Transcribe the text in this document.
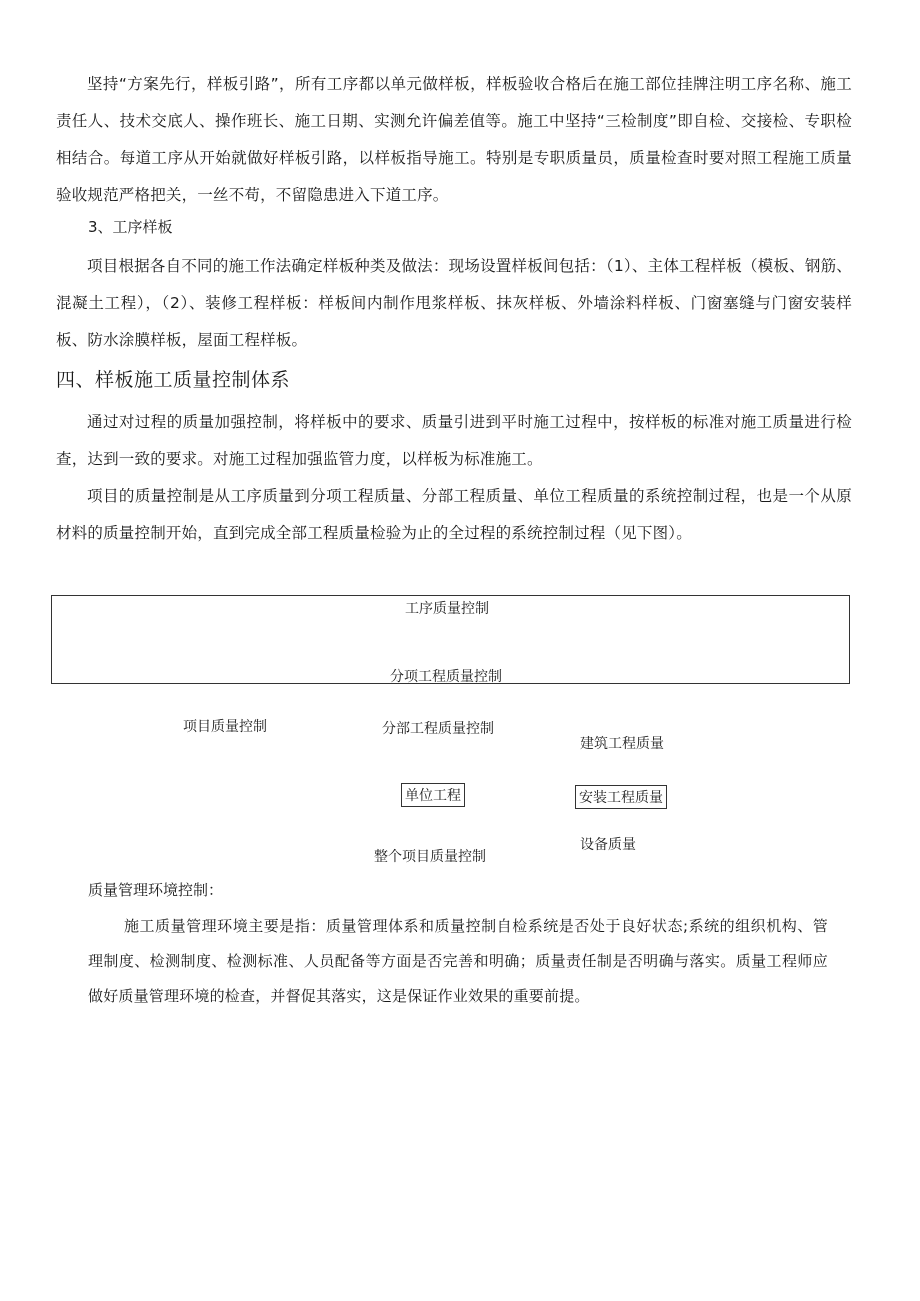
坚持“方案先行，样板引路”，所有工序都以单元做样板，样板验收合格后在施工部位挂牌注明工序名称、施工责任人、技术交底人、操作班长、施工日期、实测允许偏差值等。施工中坚持“三检制度”即自检、交接检、专职检相结合。每道工序从开始就做好样板引路，以样板指导施工。特别是专职质量员，质量检查时要对照工程施工质量验收规范严格把关，一丝不苟，不留隐患进入下道工序。

3、工序样板

项目根据各自不同的施工作法确定样板种类及做法：现场设置样板间包括：（1）、主体工程样板（模板、钢筋、混凝土工程），（2）、装修工程样板：样板间内制作甩浆样板、抹灰样板、外墙涂料样板、门窗塞缝与门窗安装样板、防水涂膜样板，屋面工程样板。

四、样板施工质量控制体系

通过对过程的质量加强控制，将样板中的要求、质量引进到平时施工过程中，按样板的标准对施工质量进行检查，达到一致的要求。对施工过程加强监管力度，以样板为标准施工。

项目的质量控制是从工序质量到分项工程质量、分部工程质量、单位工程质量的系统控制过程，也是一个从原材料的质量控制开始，直到完成全部工程质量检验为止的全过程的系统控制过程（见下图）。

工序质量控制
分项工程质量控制
项目质量控制	分部工程质量控制
建筑工程质量
单位工程	安装工程质量
设备质量
整个项目质量控制

质量管理环境控制：

施工质量管理环境主要是指：质量管理体系和质量控制自检系统是否处于良好状态;系统的组织机构、管理制度、检测制度、检测标准、人员配备等方面是否完善和明确；质量责任制是否明确与落实。质量工程师应做好质量管理环境的检查，并督促其落实，这是保证作业效果的重要前提。
